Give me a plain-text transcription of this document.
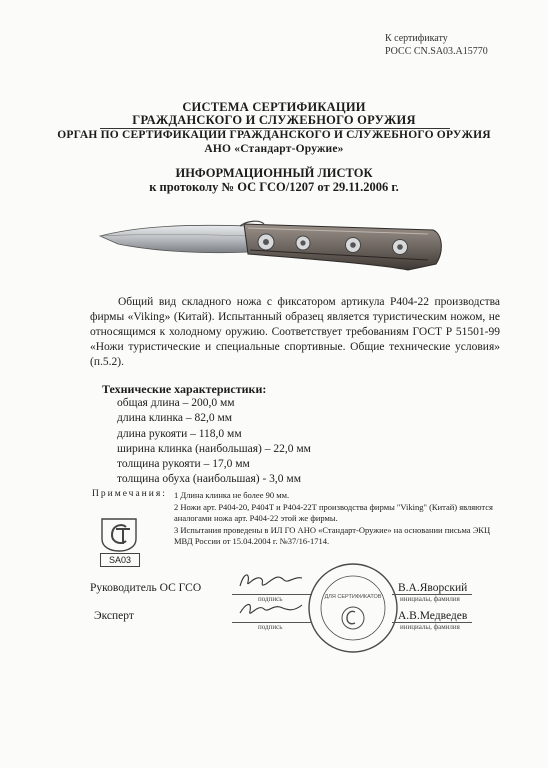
К сертификату
РОСС CN.SA03.A15770
СИСТЕМА СЕРТИФИКАЦИИ
ГРАЖДАНСКОГО И СЛУЖЕБНОГО ОРУЖИЯ
ОРГАН ПО СЕРТИФИКАЦИИ ГРАЖДАНСКОГО И СЛУЖЕБНОГО ОРУЖИЯ
АНО «Стандарт-Оружие»
ИНФОРМАЦИОННЫЙ ЛИСТОК
к протоколу № ОС ГСО/1207 от 29.11.2006 г.
Общий вид складного ножа с фиксатором артикула Р404-22 производства фирмы «Viking» (Китай). Испытанный образец является туристическим ножом, не относящимся к холодному оружию. Соответствует требованиям ГОСТ Р 51501-99 «Ножи туристические и специальные спортивные. Общие технические условия» (п.5.2).
Технические характеристики:
общая длина – 200,0 мм
длина клинка – 82,0 мм
длина рукояти – 118,0 мм
ширина клинка (наибольшая) – 22,0 мм
толщина рукояти – 17,0 мм
толщина обуха (наибольшая) - 3,0 мм
Примечания: 1 Длина клинка не более 90 мм.
2 Ножи арт. Р404-20, Р404Т и Р404-22Т производства фирмы "Viking" (Китай) являются аналогами ножа арт. Р404-22 этой же фирмы.
3 Испытания проведены в ИЛ ГО АНО «Стандарт-Оружие» на основании письма ЭКЦ МВД России от 15.04.2004 г. №37/16-1714.
SA03
Руководитель ОС ГСО
подпись	ДЛЯ СЕРТИФИКАТОВ
В.А.Яворский
инициалы, фамилия
Эксперт
подпись
А.В.Медведев
инициалы, фамилия
